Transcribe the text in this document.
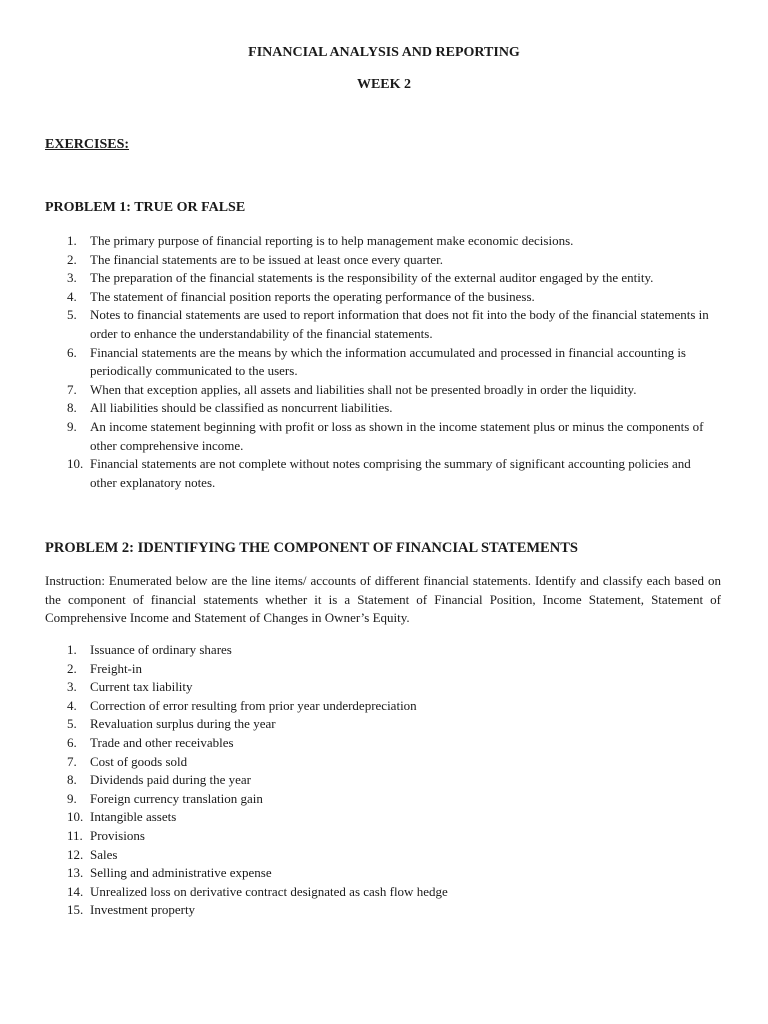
FINANCIAL ANALYSIS AND REPORTING
WEEK 2
EXERCISES:
PROBLEM 1: TRUE OR FALSE
1. The primary purpose of financial reporting is to help management make economic decisions.
2. The financial statements are to be issued at least once every quarter.
3. The preparation of the financial statements is the responsibility of the external auditor engaged by the entity.
4. The statement of financial position reports the operating performance of the business.
5. Notes to financial statements are used to report information that does not fit into the body of the financial statements in order to enhance the understandability of the financial statements.
6. Financial statements are the means by which the information accumulated and processed in financial accounting is periodically communicated to the users.
7. When that exception applies, all assets and liabilities shall not be presented broadly in order the liquidity.
8. All liabilities should be classified as noncurrent liabilities.
9. An income statement beginning with profit or loss as shown in the income statement plus or minus the components of other comprehensive income.
10. Financial statements are not complete without notes comprising the summary of significant accounting policies and other explanatory notes.
PROBLEM 2: IDENTIFYING THE COMPONENT OF FINANCIAL STATEMENTS
Instruction: Enumerated below are the line items/ accounts of different financial statements. Identify and classify each based on the component of financial statements whether it is a Statement of Financial Position, Income Statement, Statement of Comprehensive Income and Statement of Changes in Owner’s Equity.
1. Issuance of ordinary shares
2. Freight-in
3. Current tax liability
4. Correction of error resulting from prior year underdepreciation
5. Revaluation surplus during the year
6. Trade and other receivables
7. Cost of goods sold
8. Dividends paid during the year
9. Foreign currency translation gain
10. Intangible assets
11. Provisions
12. Sales
13. Selling and administrative expense
14. Unrealized loss on derivative contract designated as cash flow hedge
15. Investment property
